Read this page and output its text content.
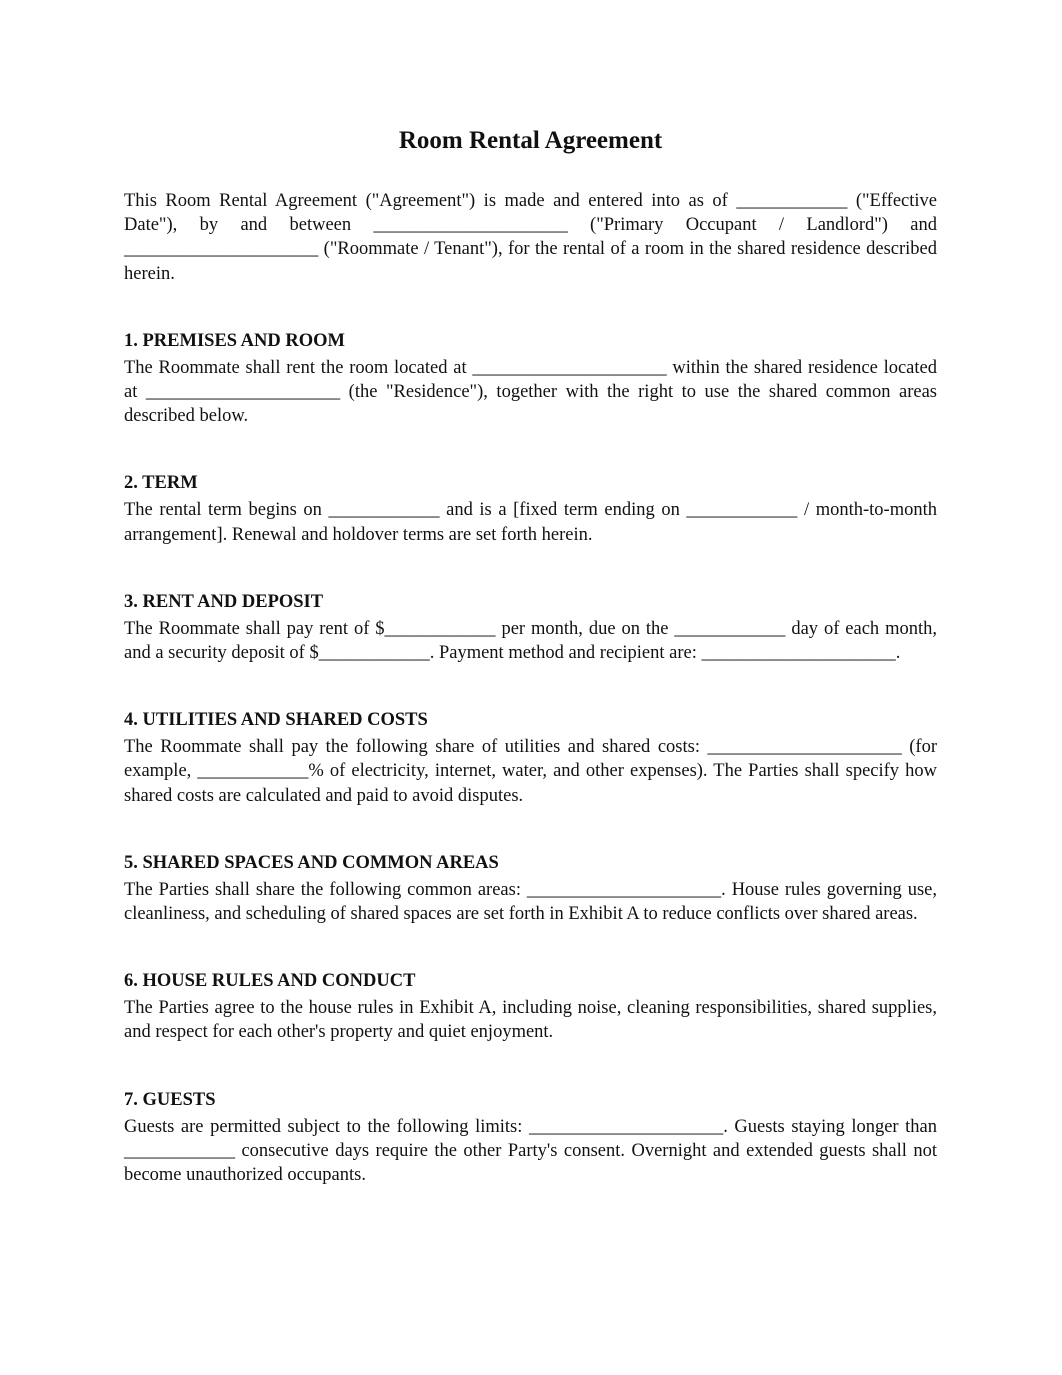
Room Rental Agreement

This Room Rental Agreement ("Agreement") is made and entered into as of ____________ ("Effective Date"), by and between _____________________ ("Primary Occupant / Landlord") and _____________________ ("Roommate / Tenant"), for the rental of a room in the shared residence described herein.

1. PREMISES AND ROOM

The Roommate shall rent the room located at _____________________ within the shared residence located at _____________________ (the "Residence"), together with the right to use the shared common areas described below.

2. TERM

The rental term begins on ____________ and is a [fixed term ending on ____________ / month-to-month arrangement]. Renewal and holdover terms are set forth herein.

3. RENT AND DEPOSIT

The Roommate shall pay rent of $____________ per month, due on the ____________ day of each month, and a security deposit of $____________. Payment method and recipient are: _____________________.

4. UTILITIES AND SHARED COSTS

The Roommate shall pay the following share of utilities and shared costs: _____________________ (for example, ____________% of electricity, internet, water, and other expenses). The Parties shall specify how shared costs are calculated and paid to avoid disputes.

5. SHARED SPACES AND COMMON AREAS

The Parties shall share the following common areas: _____________________. House rules governing use, cleanliness, and scheduling of shared spaces are set forth in Exhibit A to reduce conflicts over shared areas.

6. HOUSE RULES AND CONDUCT

The Parties agree to the house rules in Exhibit A, including noise, cleaning responsibilities, shared supplies, and respect for each other's property and quiet enjoyment.

7. GUESTS

Guests are permitted subject to the following limits: _____________________. Guests staying longer than ____________ consecutive days require the other Party's consent. Overnight and extended guests shall not become unauthorized occupants.
